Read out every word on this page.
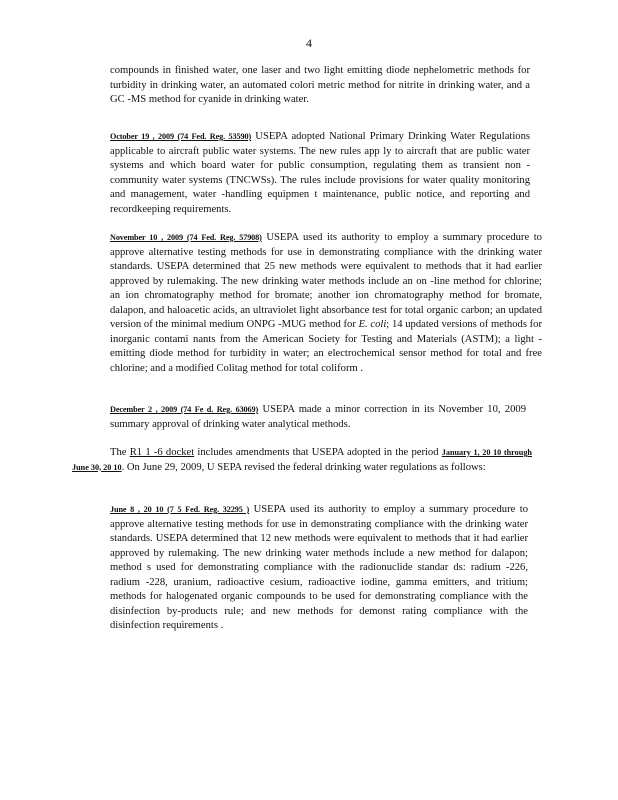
4

compounds in finished water, one laser and two light emitting diode nephelometric methods for turbidity in drinking water, an automated colori metric method for nitrite in drinking water, and a GC -MS method for cyanide in drinking water.

October 19 , 2009 (74 Fed. Reg. 53590) USEPA adopted National Primary Drinking Water Regulations applicable to aircraft public water systems. The new rules app ly to aircraft that are public water systems and which board water for public consumption, regulating them as transient non -community water systems (TNCWSs). The rules include provisions for water quality monitoring and management, water -handling equipmen t maintenance, public notice, and reporting and recordkeeping requirements.

November 10 , 2009 (74 Fed. Reg. 57908) USEPA used its authority to employ a summary procedure to approve alternative testing methods for use in demonstrating compliance with the drinking water standards. USEPA determined that 25 new methods were equivalent to methods that it had earlier approved by rulemaking. The new drinking water methods include an on -line method for chlorine; an ion chromatography method for bromate; another ion chromatography method for bromate, dalapon, and haloacetic acids, an ultraviolet light absorbance test for total organic carbon; an updated version of the minimal medium ONPG -MUG method for E. coli; 14 updated versions of methods for inorganic contami nants from the American Society for Testing and Materials (ASTM); a light -emitting diode method for turbidity in water; an electrochemical sensor method for total and free chlorine; and a modified Colitag method for total coliform .

December 2 , 2009 (74 Fe d. Reg. 63069) USEPA made a minor correction in its November 10, 2009 summary approval of drinking water analytical methods.

The R1 1 -6 docket includes amendments that USEPA adopted in the period January 1, 20 10 through June 30, 20 10. On June 29, 2009, U SEPA revised the federal drinking water regulations as follows:

June 8 , 20 10 (7 5 Fed. Reg. 32295 ) USEPA used its authority to employ a summary procedure to approve alternative testing methods for use in demonstrating compliance with the drinking water standards. USEPA determined that 12 new methods were equivalent to methods that it had earlier approved by rulemaking. The new drinking water methods include a new method for dalapon; method s used for demonstrating compliance with the radionuclide standar ds: radium -226, radium -228, uranium, radioactive cesium, radioactive iodine, gamma emitters, and tritium; methods for halogenated organic compounds to be used for demonstrating compliance with the disinfection by-products rule; and new methods for demonst rating compliance with the disinfection requirements .
